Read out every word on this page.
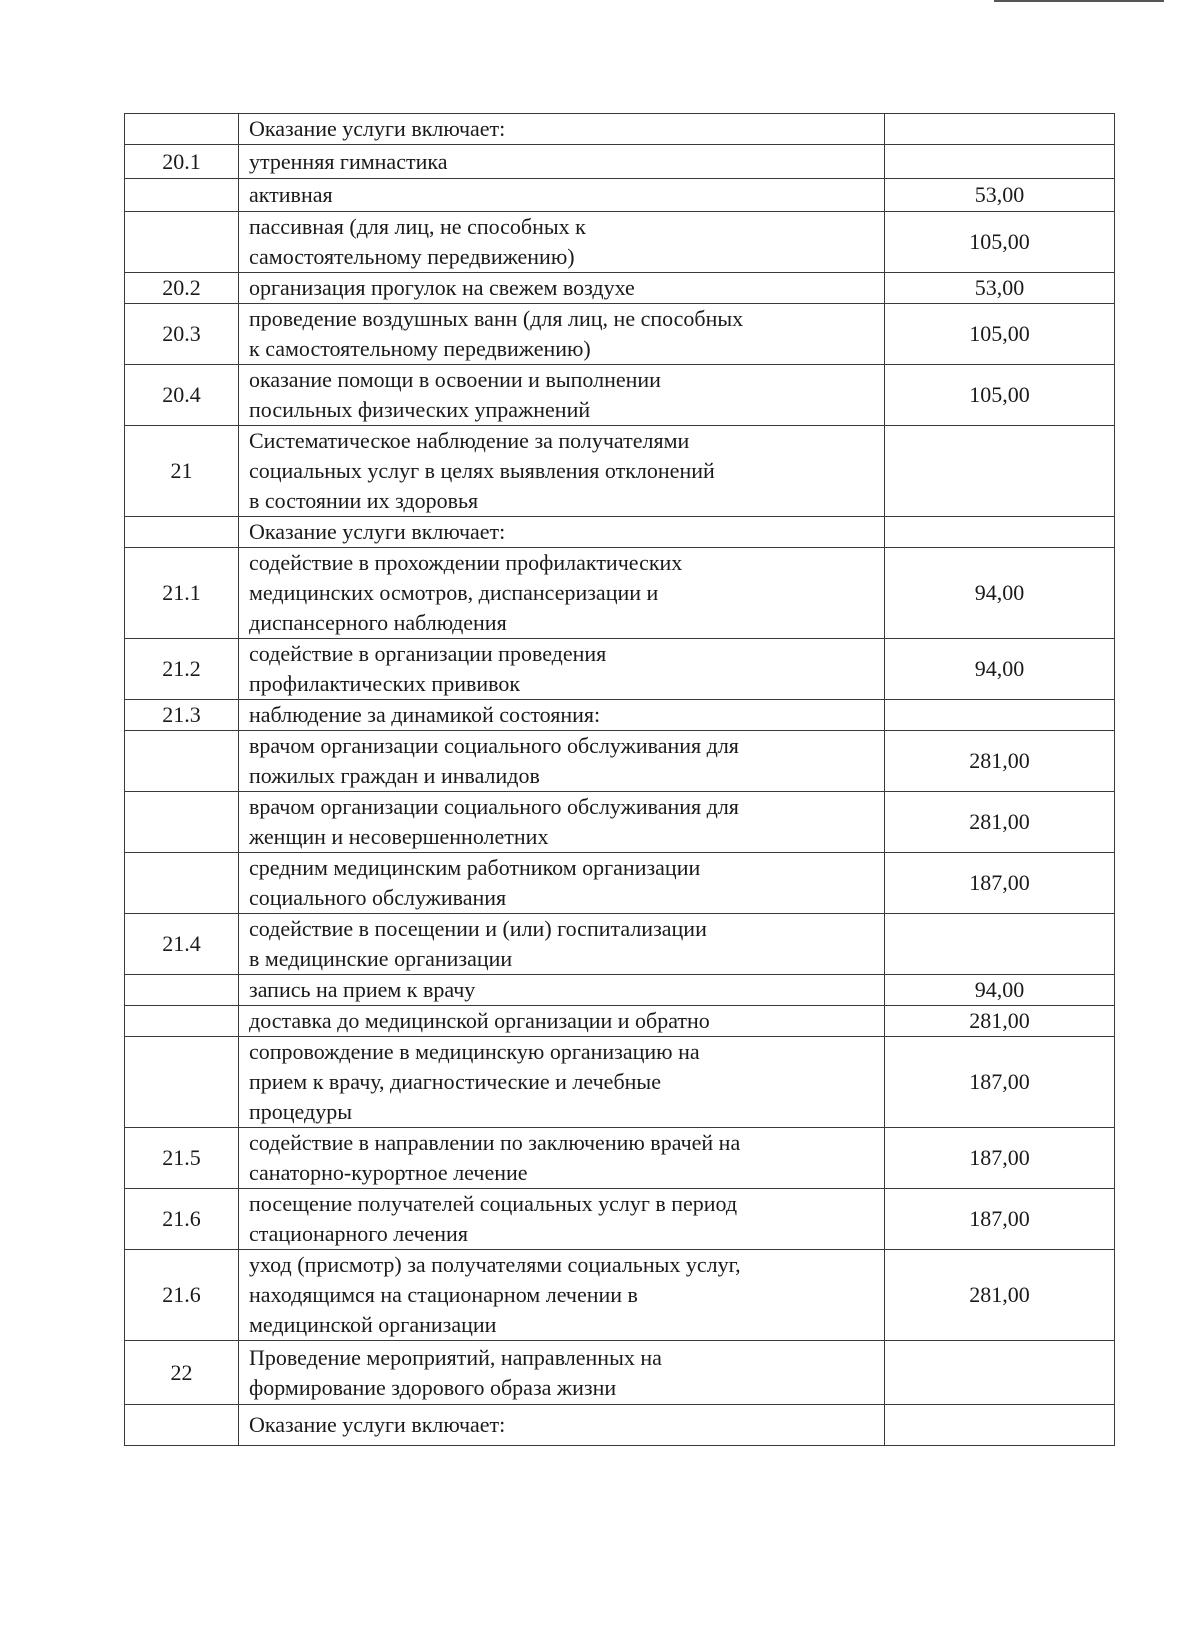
	Оказание услуги включает:	
20.1	утренняя гимнастика	
	активная	53,00
	пассивная (для лиц, не способных к
самостоятельному передвижению)	105,00
20.2	организация прогулок на свежем воздухе	53,00
20.3	проведение воздушных ванн (для лиц, не способных
к самостоятельному передвижению)	105,00
20.4	оказание помощи в освоении и выполнении
посильных физических упражнений	105,00
21	Систематическое наблюдение за получателями
социальных услуг в целях выявления отклонений
в состоянии их здоровья	
	Оказание услуги включает:	
21.1	содействие в прохождении профилактических
медицинских осмотров, диспансеризации и
диспансерного наблюдения	94,00
21.2	содействие в организации проведения
профилактических прививок	94,00
21.3	наблюдение за динамикой состояния:	
	врачом организации социального обслуживания для
пожилых граждан и инвалидов	281,00
	врачом организации социального обслуживания для
женщин и несовершеннолетних	281,00
	средним медицинским работником организации
социального обслуживания	187,00
21.4	содействие в посещении и (или) госпитализации
в медицинские организации	
	запись на прием к врачу	94,00
	доставка до медицинской организации и обратно	281,00
	сопровождение в медицинскую организацию на
прием к врачу, диагностические и лечебные
процедуры	187,00
21.5	содействие в направлении по заключению врачей на
санаторно-курортное лечение	187,00
21.6	посещение получателей социальных услуг в период
стационарного лечения	187,00
21.6	уход (присмотр) за получателями социальных услуг,
находящимся на стационарном лечении в
медицинской организации	281,00
22	Проведение мероприятий, направленных на
формирование здорового образа жизни	
	Оказание услуги включает:	
